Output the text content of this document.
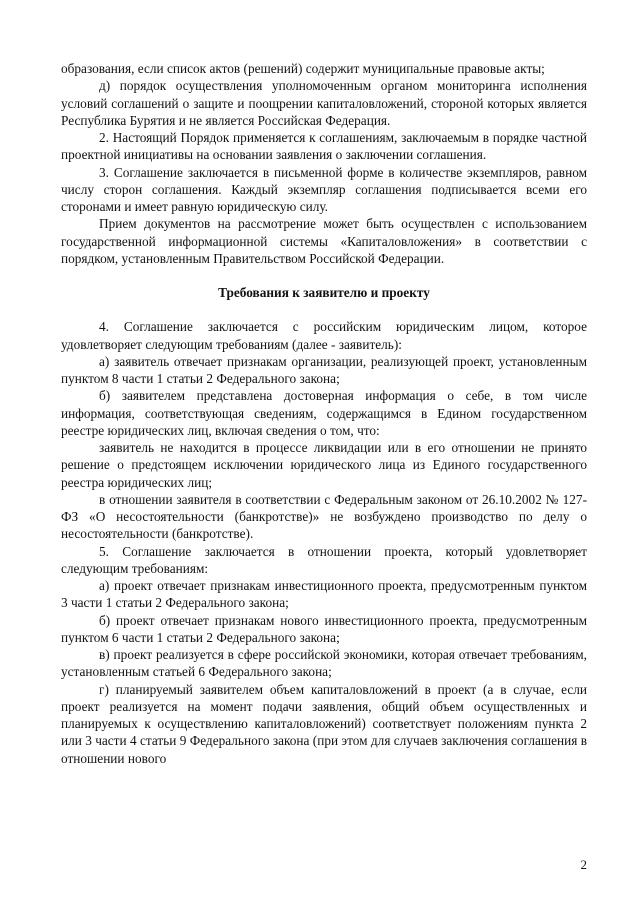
образования, если список актов (решений) содержит муниципальные правовые акты;

д) порядок осуществления уполномоченным органом мониторинга исполнения условий соглашений о защите и поощрении капиталовложений, стороной которых является Республика Бурятия и не является Российская Федерация.

2. Настоящий Порядок применяется к соглашениям, заключаемым в порядке частной проектной инициативы на основании заявления о заключении соглашения.

3. Соглашение заключается в письменной форме в количестве экземпляров, равном числу сторон соглашения. Каждый экземпляр соглашения подписывается всеми его сторонами и имеет равную юридическую силу.

Прием документов на рассмотрение может быть осуществлен с использованием государственной информационной системы «Капиталовложения» в соответствии с порядком, установленным Правительством Российской Федерации.

Требования к заявителю и проекту

4. Соглашение заключается с российским юридическим лицом, которое удовлетворяет следующим требованиям (далее - заявитель):

а) заявитель отвечает признакам организации, реализующей проект, установленным пунктом 8 части 1 статьи 2 Федерального закона;

б) заявителем представлена достоверная информация о себе, в том числе информация, соответствующая сведениям, содержащимся в Едином государственном реестре юридических лиц, включая сведения о том, что:

заявитель не находится в процессе ликвидации или в его отношении не принято решение о предстоящем исключении юридического лица из Единого государственного реестра юридических лиц;

в отношении заявителя в соответствии с Федеральным законом от 26.10.2002 № 127-ФЗ «О несостоятельности (банкротстве)» не возбуждено производство по делу о несостоятельности (банкротстве).

5. Соглашение заключается в отношении проекта, который удовлетворяет следующим требованиям:

а) проект отвечает признакам инвестиционного проекта, предусмотренным пунктом 3 части 1 статьи 2 Федерального закона;

б) проект отвечает признакам нового инвестиционного проекта, предусмотренным пунктом 6 части 1 статьи 2 Федерального закона;

в) проект реализуется в сфере российской экономики, которая отвечает требованиям, установленным статьей 6 Федерального закона;

г) планируемый заявителем объем капиталовложений в проект (а в случае, если проект реализуется на момент подачи заявления, общий объем осуществленных и планируемых к осуществлению капиталовложений) соответствует положениям пункта 2 или 3 части 4 статьи 9 Федерального закона (при этом для случаев заключения соглашения в отношении нового

2
